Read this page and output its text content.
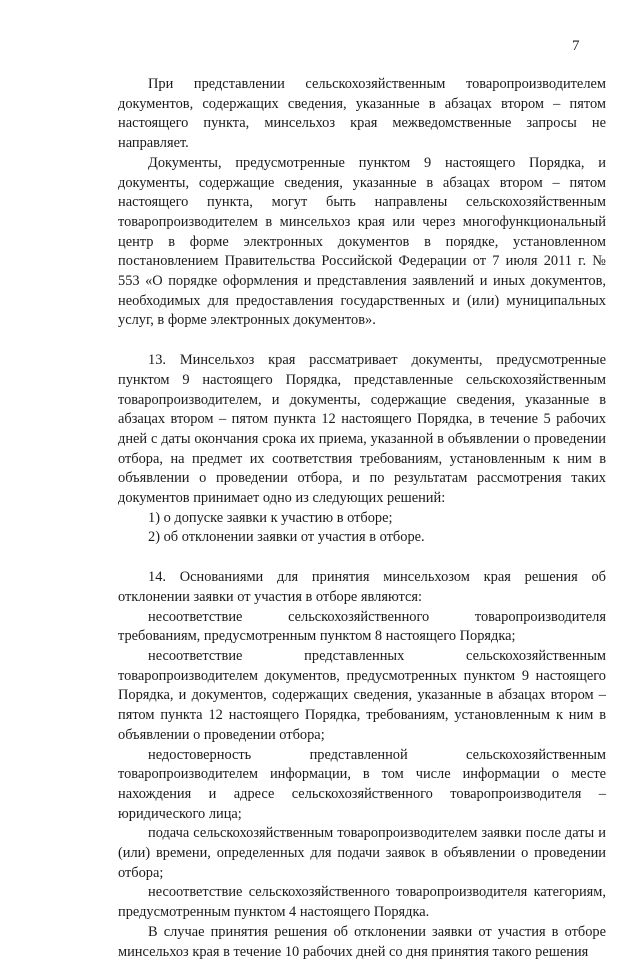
7

При представлении сельскохозяйственным товаропроизводителем документов, содержащих сведения, указанные в абзацах втором – пятом настоящего пункта, минсельхоз края межведомственные запросы не направляет.

Документы, предусмотренные пунктом 9 настоящего Порядка, и документы, содержащие сведения, указанные в абзацах втором – пятом настоящего пункта, могут быть направлены сельскохозяйственным товаропроизводителем в минсельхоз края или через многофункциональный центр в форме электронных документов в порядке, установленном постановлением Правительства Российской Федерации от 7 июля 2011 г. № 553 «О порядке оформления и представления заявлений и иных документов, необходимых для предоставления государственных и (или) муниципальных услуг, в форме электронных документов».

13. Минсельхоз края рассматривает документы, предусмотренные пунктом 9 настоящего Порядка, представленные сельскохозяйственным товаропроизводителем, и документы, содержащие сведения, указанные в абзацах втором – пятом пункта 12 настоящего Порядка, в течение 5 рабочих дней с даты окончания срока их приема, указанной в объявлении о проведении отбора, на предмет их соответствия требованиям, установленным к ним в объявлении о проведении отбора, и по результатам рассмотрения таких документов принимает одно из следующих решений:

1) о допуске заявки к участию в отборе;

2) об отклонении заявки от участия в отборе.

14. Основаниями для принятия минсельхозом края решения об отклонении заявки от участия в отборе являются:

несоответствие сельскохозяйственного товаропроизводителя требованиям, предусмотренным пунктом 8 настоящего Порядка;

несоответствие представленных сельскохозяйственным товаропроизводителем документов, предусмотренных пунктом 9 настоящего Порядка, и документов, содержащих сведения, указанные в абзацах втором – пятом пункта 12 настоящего Порядка, требованиям, установленным к ним в объявлении о проведении отбора;

недостоверность представленной сельскохозяйственным товаропроизводителем информации, в том числе информации о месте нахождения и адресе сельскохозяйственного товаропроизводителя – юридического лица;

подача сельскохозяйственным товаропроизводителем заявки после даты и (или) времени, определенных для подачи заявок в объявлении о проведении отбора;

несоответствие сельскохозяйственного товаропроизводителя категориям, предусмотренным пунктом 4 настоящего Порядка.

В случае принятия решения об отклонении заявки от участия в отборе минсельхоз края в течение 10 рабочих дней со дня принятия такого решения
